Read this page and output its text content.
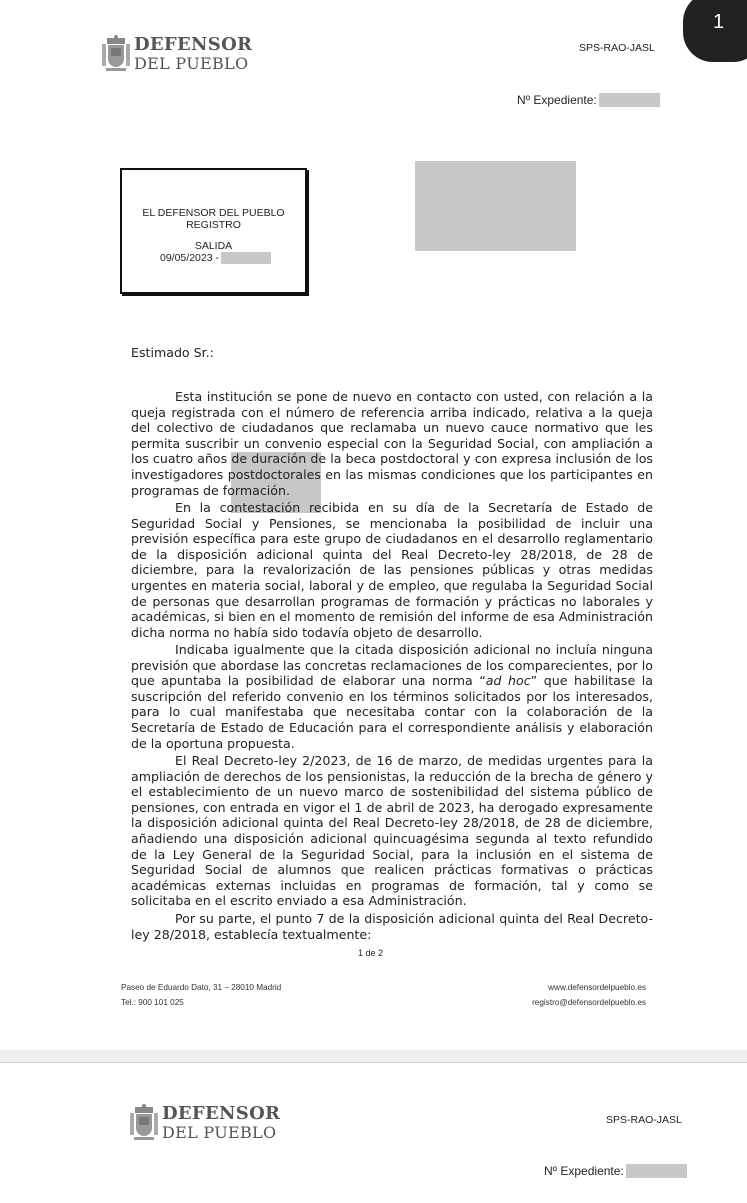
1
DEFENSOR
DEL PUEBLO
SPS-RAO-JASL
Nº Expediente:
EL DEFENSOR DEL PUEBLO
REGISTRO
SALIDA
09/05/2023 -
Estimado Sr.:

Esta institución se pone de nuevo en contacto con usted, con relación a la queja registrada con el número de referencia arriba indicado, relativa a la queja del colectivo de ciudadanos que reclamaba un nuevo cauce normativo que les permita suscribir un convenio especial con la Seguridad Social, con ampliación a los cuatro años de duración de la beca postdoctoral y con expresa inclusión de los investigadores postdoctorales en las mismas condiciones que los participantes en programas de formación.

En la contestación recibida en su día de la Secretaría de Estado de Seguridad Social y Pensiones, se mencionaba la posibilidad de incluir una previsión específica para este grupo de ciudadanos en el desarrollo reglamentario de la disposición adicional quinta del Real Decreto-ley 28/2018, de 28 de diciembre, para la revalorización de las pensiones públicas y otras medidas urgentes en materia social, laboral y de empleo, que regulaba la Seguridad Social de personas que desarrollan programas de formación y prácticas no laborales y académicas, si bien en el momento de remisión del informe de esa Administración dicha norma no había sido todavía objeto de desarrollo.

Indicaba igualmente que la citada disposición adicional no incluía ninguna previsión que abordase las concretas reclamaciones de los comparecientes, por lo que apuntaba la posibilidad de elaborar una norma “ad hoc” que habilitase la suscripción del referido convenio en los términos solicitados por los interesados, para lo cual manifestaba que necesitaba contar con la colaboración de la Secretaría de Estado de Educación para el correspondiente análisis y elaboración de la oportuna propuesta.

El Real Decreto-ley 2/2023, de 16 de marzo, de medidas urgentes para la ampliación de derechos de los pensionistas, la reducción de la brecha de género y el establecimiento de un nuevo marco de sostenibilidad del sistema público de pensiones, con entrada en vigor el 1 de abril de 2023, ha derogado expresamente la disposición adicional quinta del Real Decreto-ley 28/2018, de 28 de diciembre, añadiendo una disposición adicional quincuagésima segunda al texto refundido de la Ley General de la Seguridad Social, para la inclusión en el sistema de Seguridad Social de alumnos que realicen prácticas formativas o prácticas académicas externas incluidas en programas de formación, tal y como se solicitaba en el escrito enviado a esa Administración.

Por su parte, el punto 7 de la disposición adicional quinta del Real Decreto-ley 28/2018, establecía textualmente:

1 de 2
Paseo de Eduardo Dato, 31 – 28010 Madrid
Tel.: 900 101 025
www.defensordelpueblo.es
registro@defensordelpueblo.es
DEFENSOR
DEL PUEBLO
SPS-RAO-JASL
Nº Expediente:
